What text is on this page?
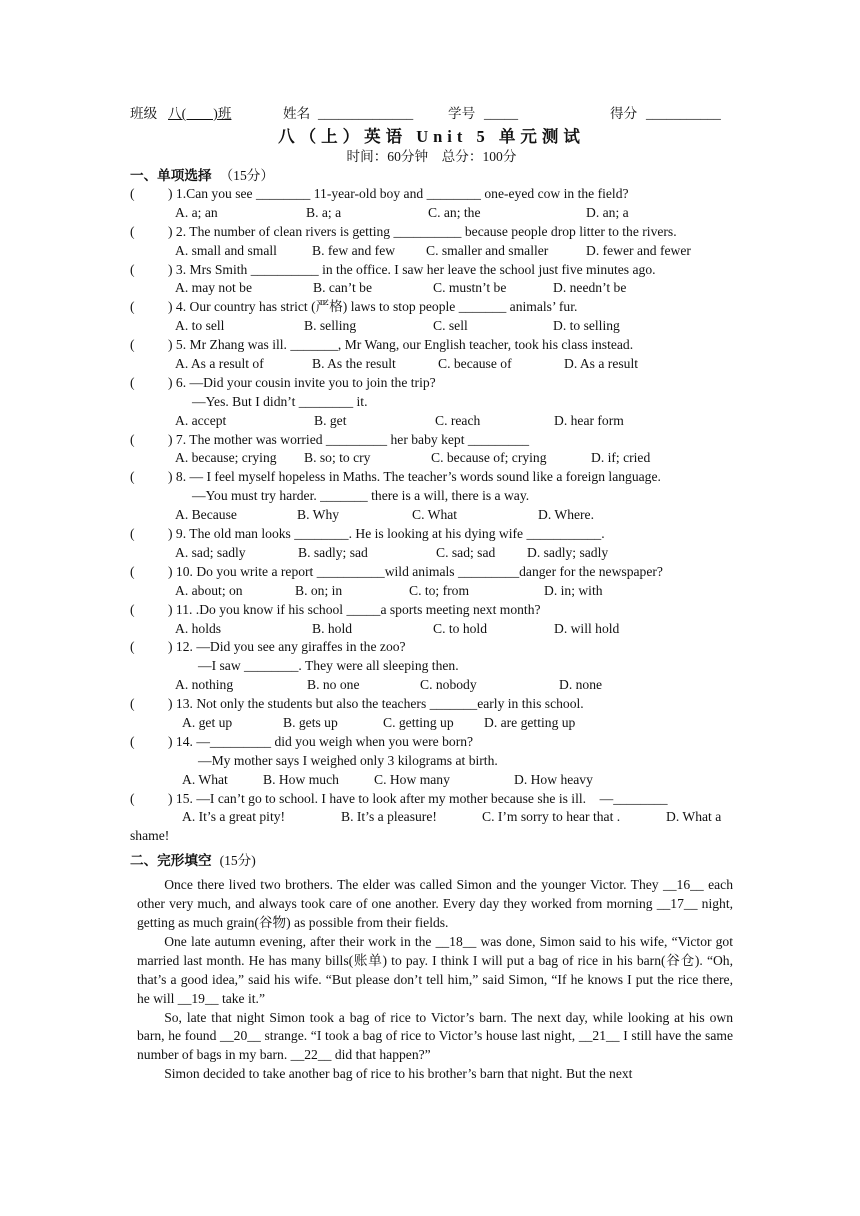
班级 八(　　)班	姓名 ______________	学号 _____	得分 ___________
八（上）英语 Unit 5 单元测试
时间：60分钟　总分：100分
一、单项选择 （15分）
( ) 1.Can you see ________ 11-year-old boy and ________ one-eyed cow in the field?
A. a; an	B. a; a	C. an; the	D. an; a
( ) 2. The number of clean rivers is getting __________ because people drop litter to the rivers.
A. small and small	B. few and few C. smaller and smaller	D. fewer and fewer
( ) 3. Mrs Smith __________ in the office. I saw her leave the school just five minutes ago.
A. may not be	B. can’t be	C. mustn’t be	D. needn’t be
( ) 4. Our country has strict (严格) laws to stop people _______ animals’ fur.
A. to sell	B. selling	C. sell	D. to selling
( ) 5. Mr Zhang was ill. _______, Mr Wang, our English teacher, took his class instead.
A. As a result of	B. As the result	C. because of	D. As a result
( ) 6. —Did your cousin invite you to join the trip?
—Yes. But I didn’t ________ it.
A. accept	B. get	C. reach	D. hear form
( ) 7. The mother was worried _________ her baby kept _________
A. because; crying B. so; to cry	C. because of; crying	D. if; cried
( ) 8. — I feel myself hopeless in Maths. The teacher’s words sound like a foreign language.
—You must try harder. _______ there is a will, there is a way.
A. Because	B. Why	C. What	D. Where.
( ) 9. The old man looks ________. He is looking at his dying wife ___________.
A. sad; sadly	B. sadly; sad	C. sad; sad D. sadly; sadly
( ) 10. Do you write a report __________wild animals _________danger for the newspaper?
A. about; on	B. on; in	C. to; from	D. in; with
( ) 11. .Do you know if his school _____a sports meeting next month?
A. holds	B. hold	C. to hold	D. will hold
( ) 12. —Did you see any giraffes in the zoo?
—I saw ________. They were all sleeping then.
A. nothing	B. no one	C. nobody	D. none
( ) 13. Not only the students but also the teachers _______early in this school.
A. get up	B. gets up	C. getting up D. are getting up
( ) 14. —_________ did you weigh when you were born?
—My mother says I weighed only 3 kilograms at birth.
A. What	B. How much	C. How many	D. How heavy
( ) 15. —I can’t go to school. I have to look after my mother because she is ill.　—________
A. It’s a great pity!	B. It’s a pleasure!	C. I’m sorry to hear that .	D. What a
shame!
二、完形填空 (15分)

Once there lived two brothers. The elder was called Simon and the younger Victor. They __16__ each other very much, and always took care of one another. Every day they worked from morning __17__ night, getting as much grain(谷物) as possible from their fields.

One late autumn evening, after their work in the __18__ was done, Simon said to his wife, “Victor got married last month. He has many bills(账单) to pay. I think I will put a bag of rice in his barn(谷仓). “Oh, that’s a good idea,” said his wife. “But please don’t tell him,” said Simon, “If he knows I put the rice there, he will __19__ take it.”

So, late that night Simon took a bag of rice to Victor’s barn. The next day, while looking at his own barn, he found __20__ strange. “I took a bag of rice to Victor’s house last night, __21__ I still have the same number of bags in my barn. __22__ did that happen?”

Simon decided to take another bag of rice to his brother’s barn that night. But the next
